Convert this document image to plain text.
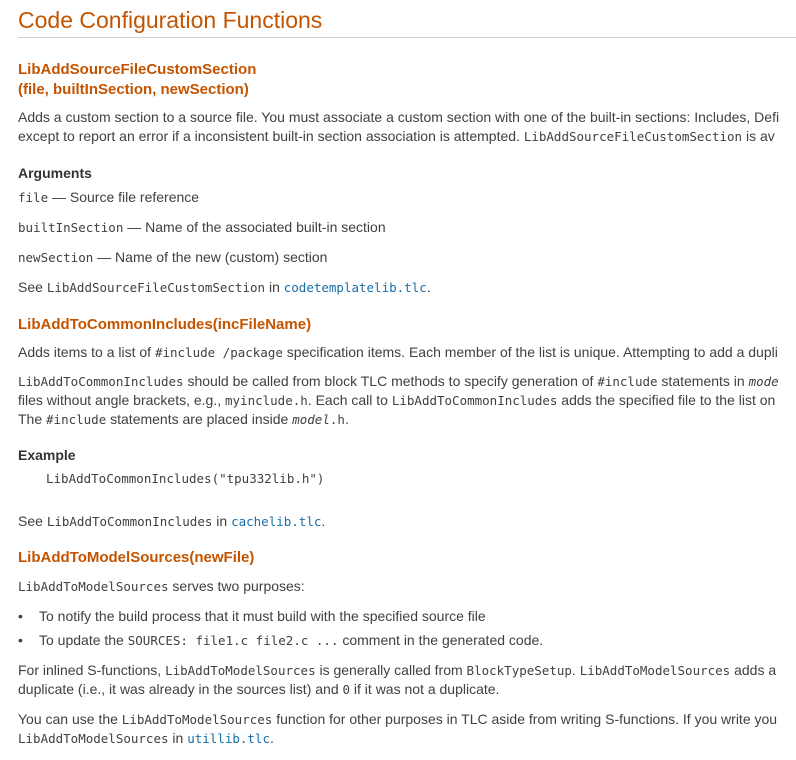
Code Configuration Functions
LibAddSourceFileCustomSection
(file, builtInSection, newSection)
Adds a custom section to a source file. You must associate a custom section with one of the built-in sections: Includes, Defi
except to report an error if a inconsistent built-in section association is attempted. LibAddSourceFileCustomSection is av
Arguments
file — Source file reference
builtInSection — Name of the associated built-in section
newSection — Name of the new (custom) section
See LibAddSourceFileCustomSection in codetemplatelib.tlc.
LibAddToCommonIncludes(incFileName)
Adds items to a list of #include /package specification items. Each member of the list is unique. Attempting to add a dupli
LibAddToCommonIncludes should be called from block TLC methods to specify generation of #include statements in mode
files without angle brackets, e.g., myinclude.h. Each call to LibAddToCommonIncludes adds the specified file to the list on
The #include statements are placed inside model.h.
Example
LibAddToCommonIncludes("tpu332lib.h")
See LibAddToCommonIncludes in cachelib.tlc.
LibAddToModelSources(newFile)
LibAddToModelSources serves two purposes:
• To notify the build process that it must build with the specified source file
• To update the SOURCES: file1.c file2.c ... comment in the generated code.
For inlined S-functions, LibAddToModelSources is generally called from BlockTypeSetup. LibAddToModelSources adds a
duplicate (i.e., it was already in the sources list) and 0 if it was not a duplicate.
You can use the LibAddToModelSources function for other purposes in TLC aside from writing S-functions. If you write you
LibAddToModelSources in utillib.tlc.
